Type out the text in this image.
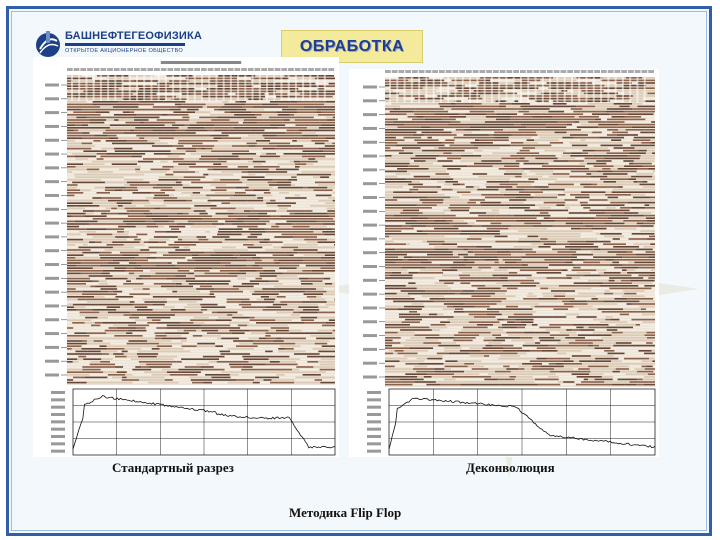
БАШНЕФТЕГЕОФИЗИКА
ОТКРЫТОЕ АКЦИОНЕРНОЕ ОБЩЕСТВО	ОБРАБОТКА
Стандартный разрез	Деконволюция
Методика Flip Flop
